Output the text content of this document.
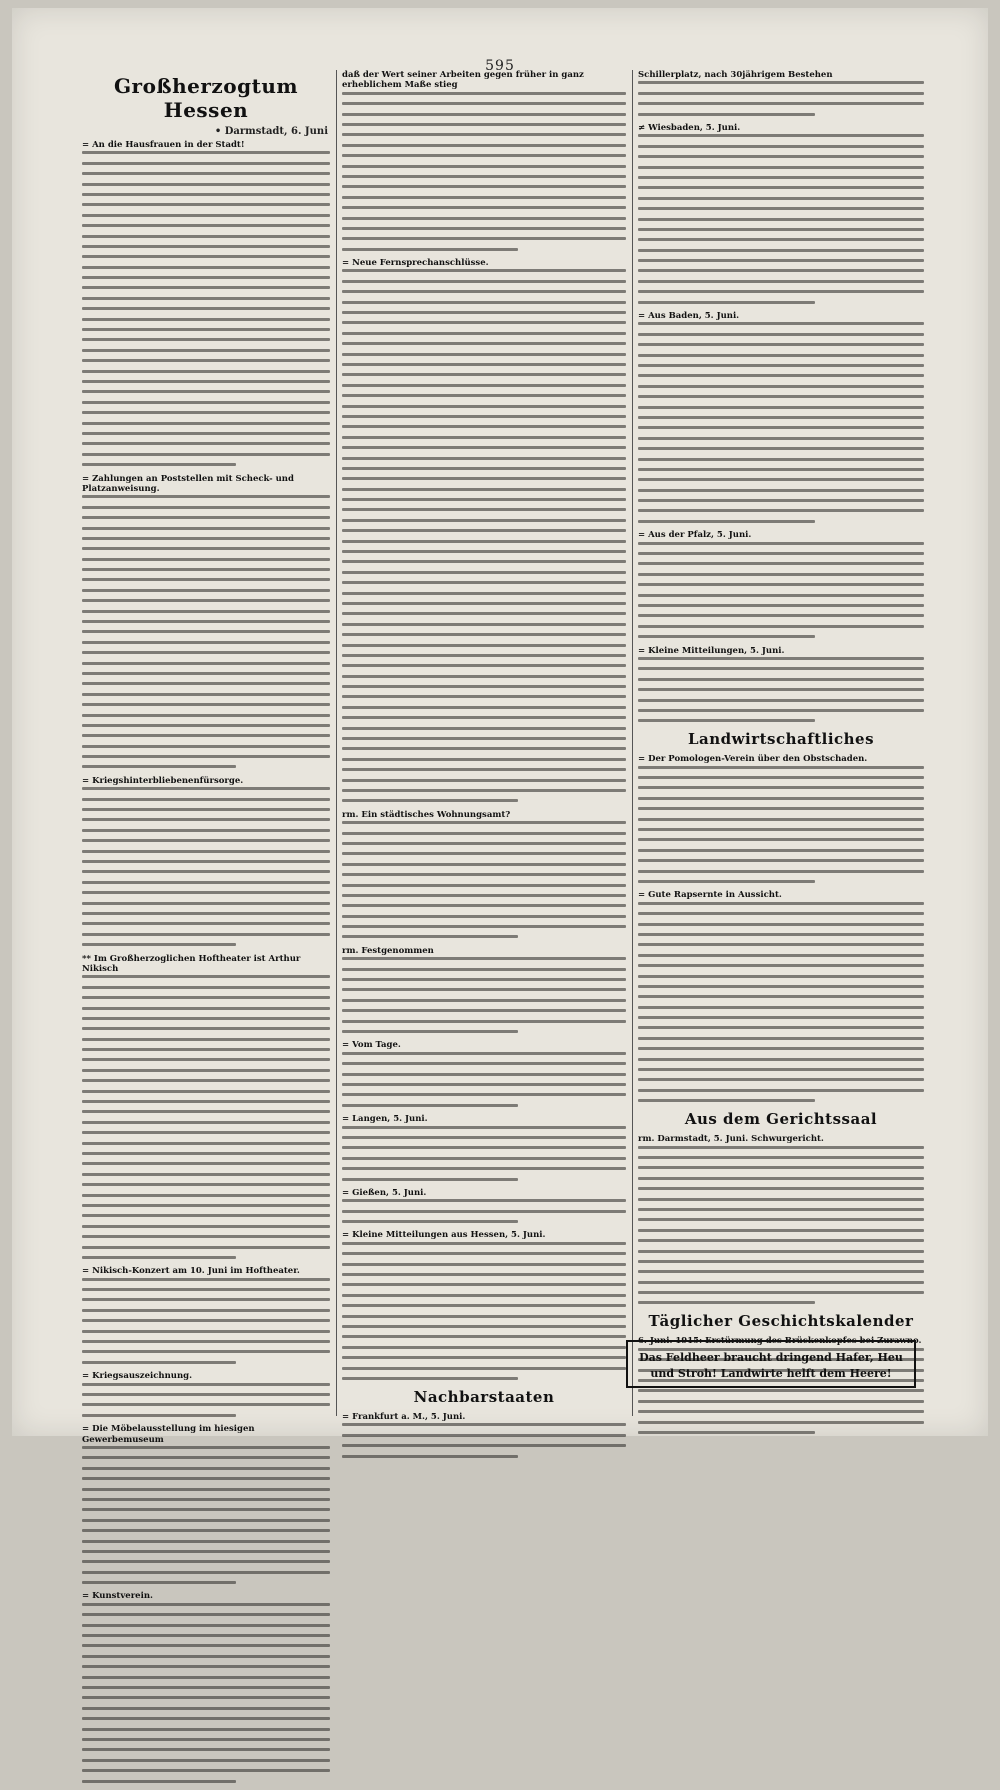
595
Großherzogtum Hessen
• Darmstadt, 6. Juni
= An die Hausfrauen in der Stadt!
= Zahlungen an Poststellen mit Scheck- und Platzanweisung.
= Kriegshinterbliebenenfürsorge.
** Im Großherzoglichen Hoftheater ist Arthur Nikisch
= Nikisch-Konzert am 10. Juni im Hoftheater.
= Kriegsauszeichnung.
= Die Möbelausstellung im hiesigen Gewerbemuseum
= Kunstverein.
daß der Wert seiner Arbeiten gegen früher in ganz erheblichem Maße stieg
= Neue Fernsprechanschlüsse.
rm. Ein städtisches Wohnungsamt?
rm. Festgenommen
= Vom Tage.
= Langen, 5. Juni.
= Gießen, 5. Juni.
= Kleine Mitteilungen aus Hessen, 5. Juni.
Nachbarstaaten
= Frankfurt a. M., 5. Juni.
Schillerplatz, nach 30jährigem Bestehen
≠ Wiesbaden, 5. Juni.
= Aus Baden, 5. Juni.
= Aus der Pfalz, 5. Juni.
= Kleine Mitteilungen, 5. Juni.
Landwirtschaftliches
= Der Pomologen-Verein über den Obstschaden.
= Gute Rapsernte in Aussicht.
Aus dem Gerichtssaal
rm. Darmstadt, 5. Juni. Schwurgericht.
Täglicher Geschichtskalender
6. Juni. 1915: Erstürmung des Brückenkopfes bei Zurawno.
Das Feldheer braucht dringend Hafer, Heu und Stroh! Landwirte helft dem Heere!
